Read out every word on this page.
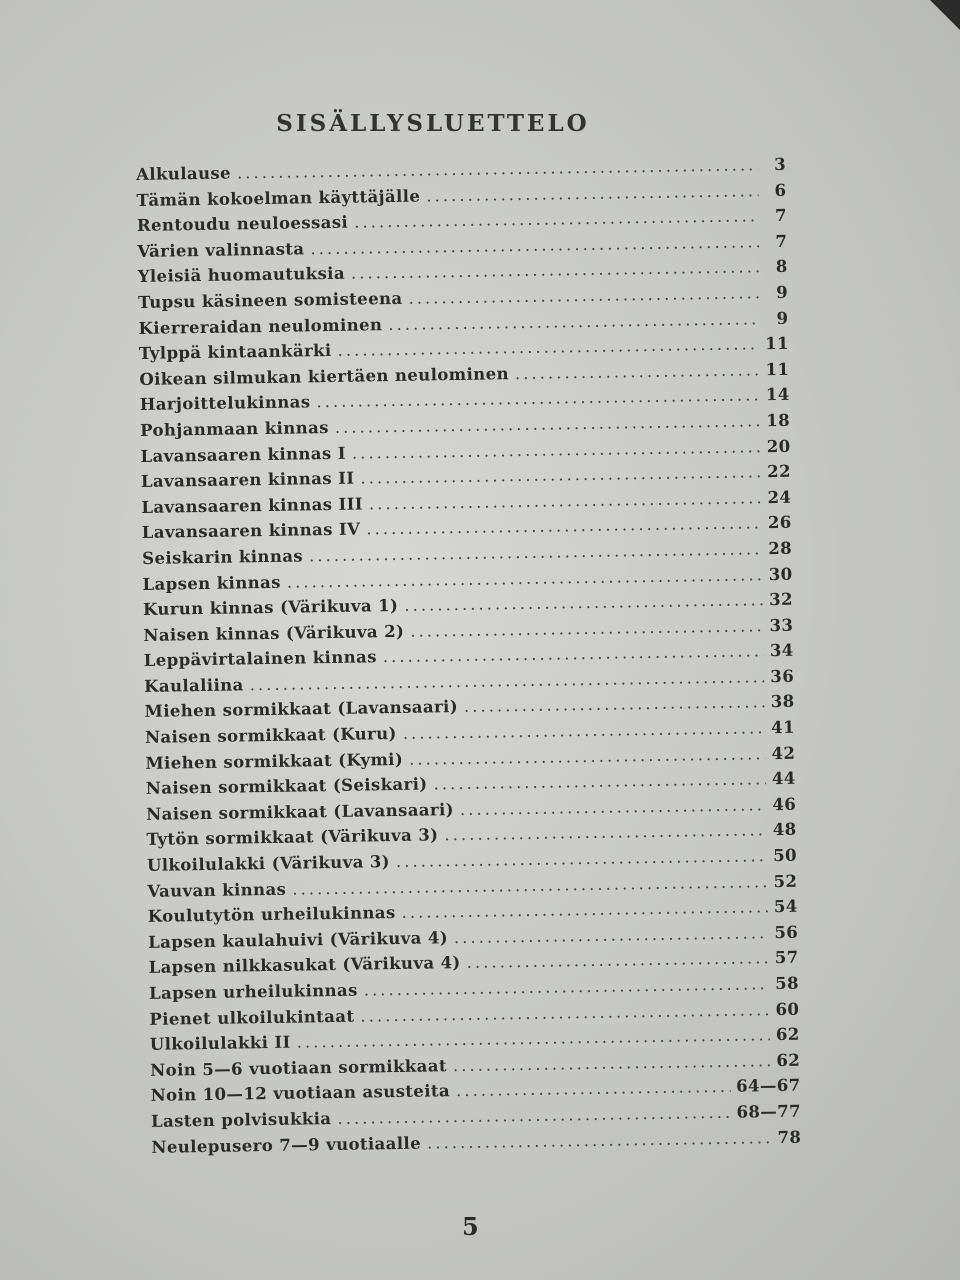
SISÄLLYSLUETTELO
Alkulause .....	3
Tämän kokoelman käyttäjälle .....	6
Rentoudu neuloessasi .....	7
Värien valinnasta .....	7
Yleisiä huomautuksia .....	8
Tupsu käsineen somisteena .....	9
Kierreraidan neulominen .....	9
Tylppä kintaankärki .....	11
Oikean silmukan kiertäen neulominen .....	11
Harjoittelukinnas .....	14
Pohjanmaan kinnas .....	18
Lavansaaren kinnas I .....	20
Lavansaaren kinnas II .....	22
Lavansaaren kinnas III .....	24
Lavansaaren kinnas IV .....	26
Seiskarin kinnas .....	28
Lapsen kinnas .....	30
Kurun kinnas (Värikuva 1) .....	32
Naisen kinnas (Värikuva 2) .....	33
Leppävirtalainen kinnas .....	34
Kaulaliina .....	36
Miehen sormikkaat (Lavansaari) .....	38
Naisen sormikkaat (Kuru) .....	41
Miehen sormikkaat (Kymi) .....	42
Naisen sormikkaat (Seiskari) .....	44
Naisen sormikkaat (Lavansaari) .....	46
Tytön sormikkaat (Värikuva 3) .....	48
Ulkoilulakki (Värikuva 3) .....	50
Vauvan kinnas .....	52
Koulutytön urheilukinnas .....	54
Lapsen kaulahuivi (Värikuva 4) .....	56
Lapsen nilkkasukat (Värikuva 4) .....	57
Lapsen urheilukinnas .....	58
Pienet ulkoilukintaat .....	60
Ulkoilulakki II .....	62
Noin 5—6 vuotiaan sormikkaat .....	62
Noin 10—12 vuotiaan asusteita .....	64—67
Lasten polvisukkia .....	68—77
Neulepusero 7—9 vuotiaalle .....	78
5
